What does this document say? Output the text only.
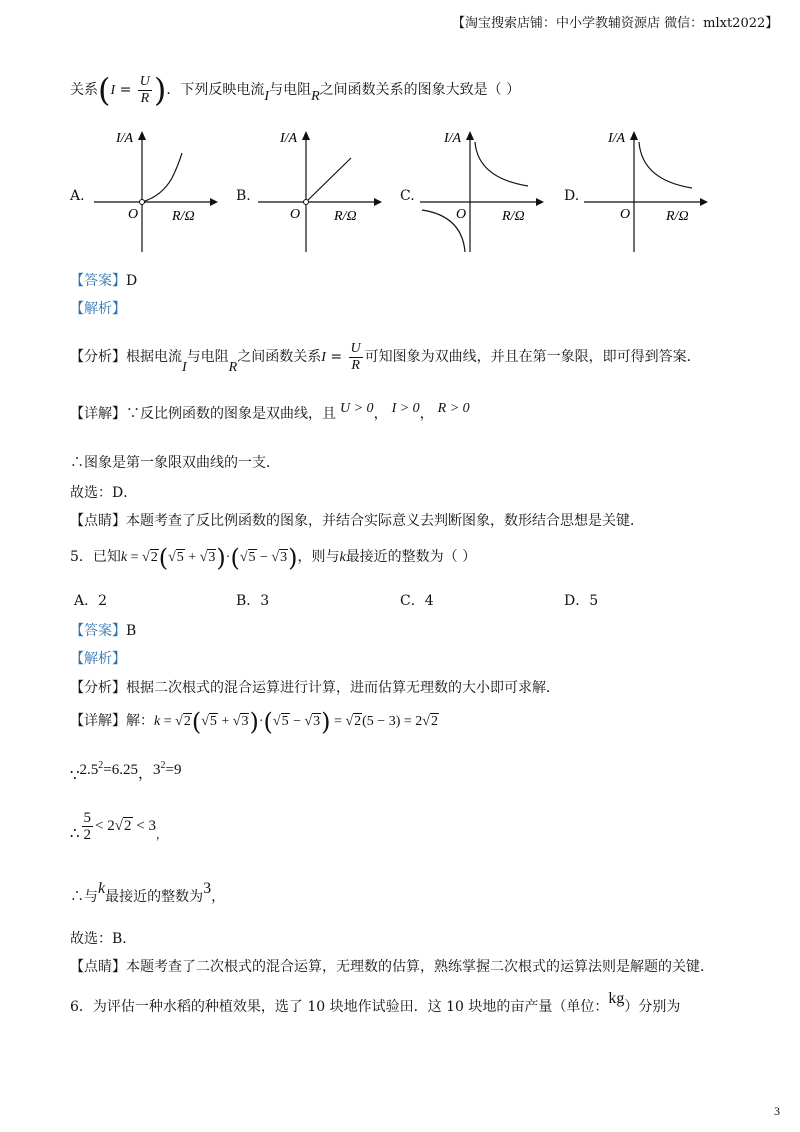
【淘宝搜索店铺：中小学教辅资源店 微信：mlxt2022】
关系($I = \frac{U}{R}$ )．下列反映电流I与电阻R之间函数关系的图象大致是（ ）
A.
I/A
O R/Ω
B.
I/A
O R/Ω
C.
I/A
O	R/Ω
D.
I/A
O	R/Ω
【答案】D
【解析】
【分析】根据电流I与电阻R之间函数关系$I = \frac{U}{R}$ 可知图象为双曲线，并且在第一象限，即可得到答案．
【详解】∵反比例函数的图象是双曲线，且 U > 0， I > 0， R > 0
∴图象是第一象限双曲线的一支．
故选：D．
【点睛】本题考查了反比例函数的图象，并结合实际意义去判断图象，数形结合思想是关键．
5．已知k = √2(√5 + √3)·(√5 − √3)，则与k最接近的整数为（ ）
A．2	B．3	C．4	D．5
【答案】B
【解析】
【分析】根据二次根式的混合运算进行计算，进而估算无理数的大小即可求解．
【详解】解：k = √2(√5 + √3)·(√5 − √3) = √2(5 − 3) = 2√2
$\because 2.5^2=6.25$，$3^2=9$
∴ $\frac{5}{2} < 2√2 < 3_,$
∴与k最接近的整数为3，
故选：B．
【点睛】本题考查了二次根式的混合运算，无理数的估算，熟练掌握二次根式的运算法则是解题的关键．
6．为评估一种水稻的种植效果，选了 10 块地作试验田．这 10 块地的亩产量（单位：kg）分别为
3
